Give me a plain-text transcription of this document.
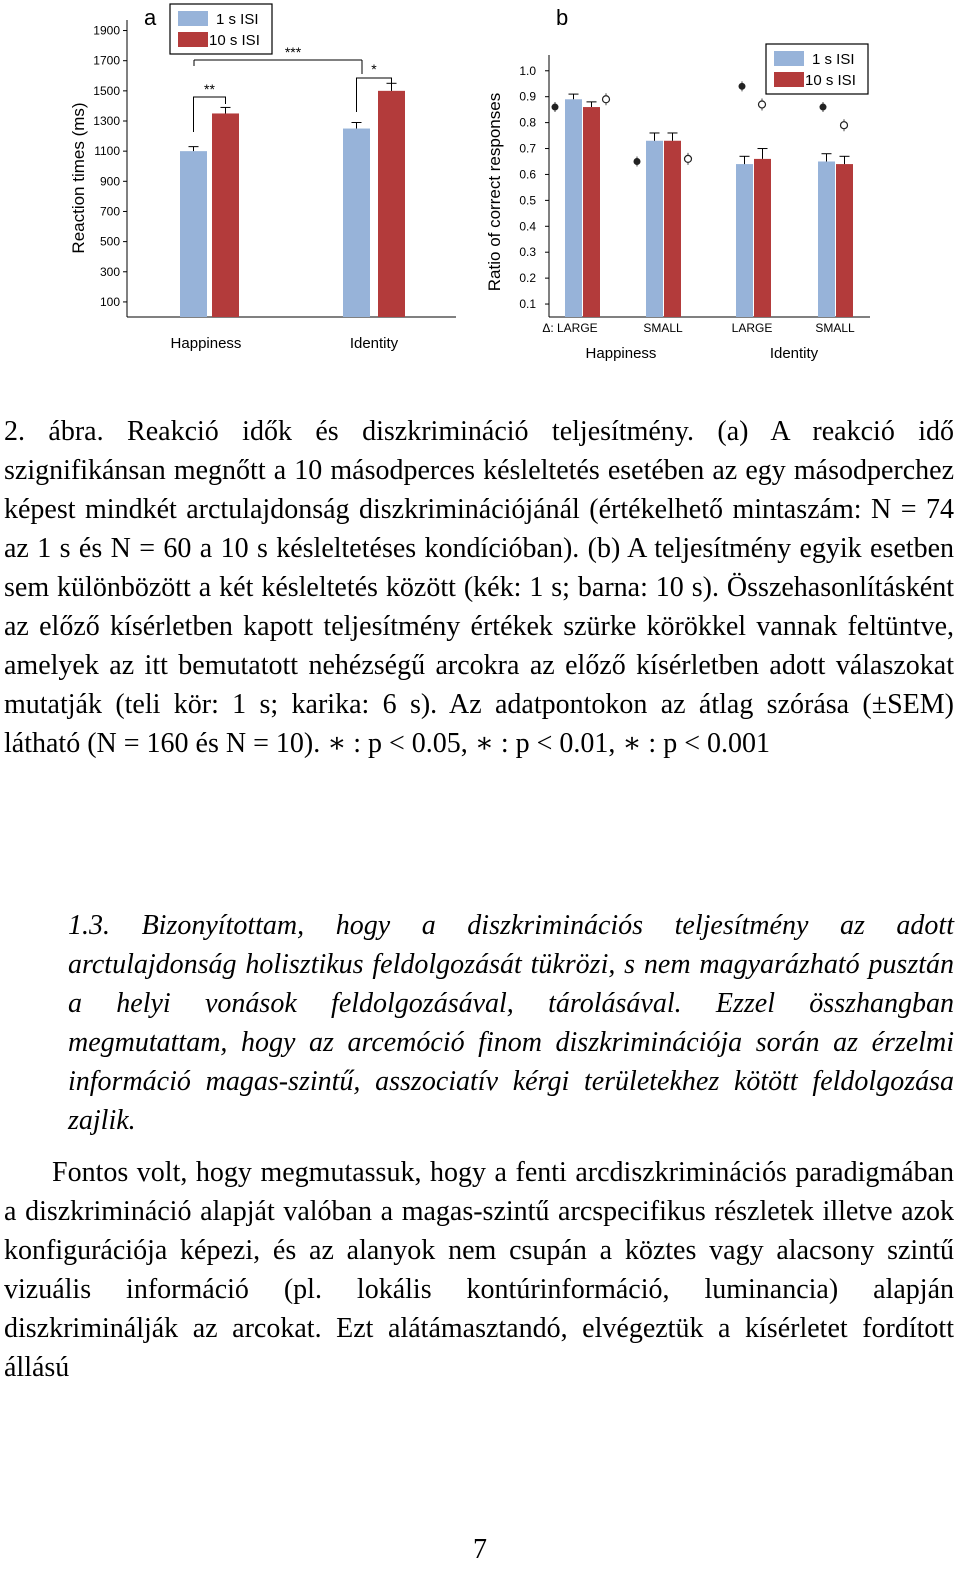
100
300
500
700
900
1100
1300
1500
1700
1900
Reaction times (ms)
a
Happiness	Identity
**
*
***
1 s ISI
10 s ISI
0.1
0.2
0.3
0.4
0.5
0.6
0.7
0.8
0.9
1.0
Ratio of correct responses
b
Δ: LARGE	SMALL	LARGE	SMALL
Happiness	Identity
1 s ISI
10 s ISI

2. ábra. Reakció idők és diszkrimináció teljesítmény. (a) A reakció idő szignifikánsan megnőtt a 10 másodperces késleltetés esetében az egy másodperchez képest mindkét arctulajdonság diszkriminációjánál (értékelhető mintaszám: N = 74 az 1 s és N = 60 a 10 s késleltetéses kondícióban). (b) A teljesítmény egyik esetben sem különbözött a két késleltetés között (kék: 1 s; barna: 10 s). Összehasonlításként az előző kísérletben kapott teljesítmény értékek szürke körökkel vannak feltüntve, amelyek az itt bemutatott nehézségű arcokra az előző kísérletben adott válaszokat mutatják (teli kör: 1 s; karika: 6 s). Az adatpontokon az átlag szórása (±SEM) látható (N = 160 és N = 10). ∗ : p < 0.05, ∗ : p < 0.01, ∗ : p < 0.001

1.3. Bizonyítottam, hogy a diszkriminációs teljesítmény az adott arctulajdonság holisztikus feldolgozását tükrözi, s nem magyarázható pusztán a helyi vonások feldolgozásával, tárolásával. Ezzel összhangban megmutattam, hogy az arcemóció finom diszkriminációja során az érzelmi információ magas-szintű, asszociatív kérgi területekhez kötött feldolgozása zajlik.

Fontos volt, hogy megmutassuk, hogy a fenti arcdiszkriminációs paradigmában a diszkrimináció alapját valóban a magas-szintű arcspecifikus részletek illetve azok konfigurációja képezi, és az alanyok nem csupán a köztes vagy alacsony szintű vizuális információ (pl. lokális kontúrinformáció, luminancia) alapján diszkriminálják az arcokat. Ezt alátámasztandó, elvégeztük a kísérletet fordított állású

7
